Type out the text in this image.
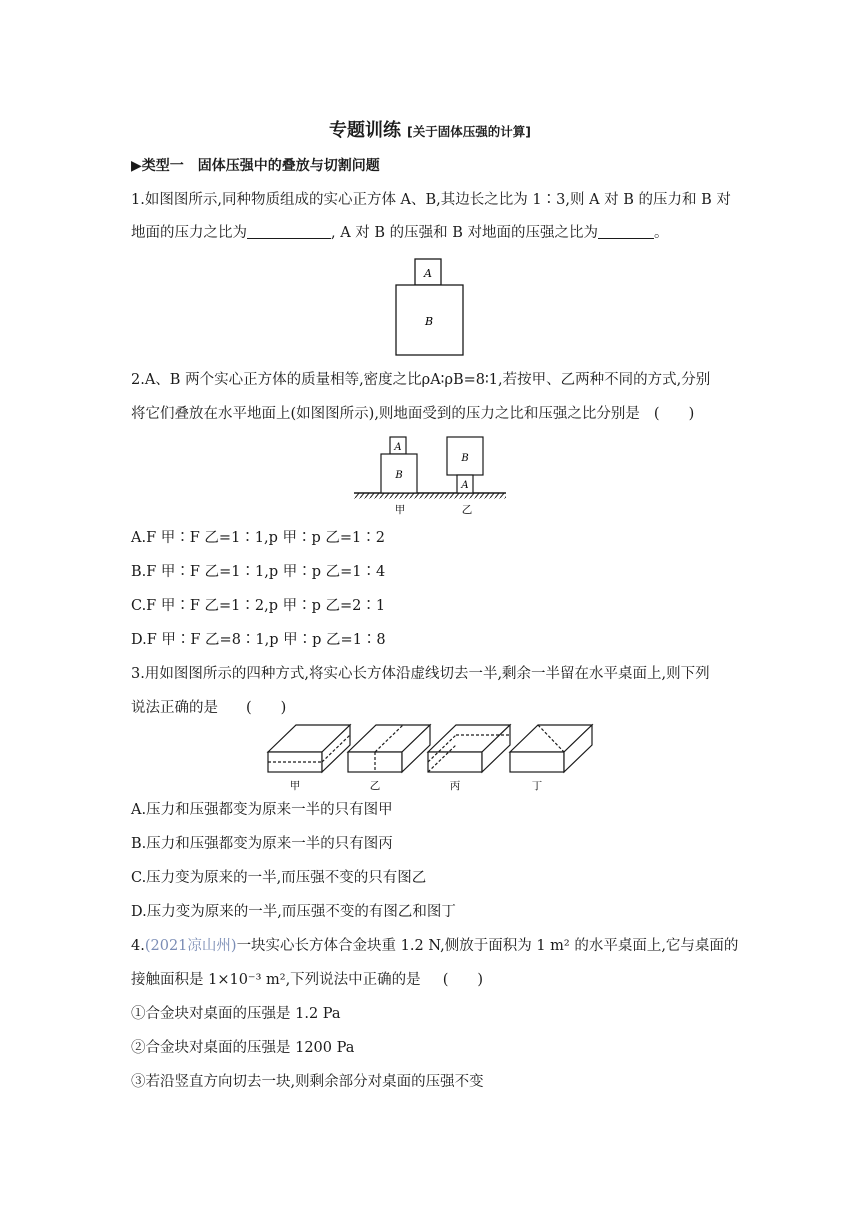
专题训练 [关于固体压强的计算]
▶类型一　固体压强中的叠放与切割问题
1.如图图所示,同种物质组成的实心正方体 A、B,其边长之比为 1∶3,则 A 对 B 的压力和 B 对
地面的压力之比为	, A 对 B 的压强和 B 对地面的压强之比为	。
A
B
2.A、B 两个实心正方体的质量相等,密度之比ρA∶ρB=8∶1,若按甲、乙两种不同的方式,分别
将它们叠放在水平地面上(如图图所示),则地面受到的压力之比和压强之比分别是 (　　)
A
B
B
A
甲	乙
A.F 甲∶F 乙=1∶1,p 甲∶p 乙=1∶2
B.F 甲∶F 乙=1∶1,p 甲∶p 乙=1∶4
C.F 甲∶F 乙=1∶2,p 甲∶p 乙=2∶1
D.F 甲∶F 乙=8∶1,p 甲∶p 乙=1∶8
3.用如图图所示的四种方式,将实心长方体沿虚线切去一半,剩余一半留在水平桌面上,则下列
说法正确的是 (　　)
甲	乙	丙	丁
A.压力和压强都变为原来一半的只有图甲
B.压力和压强都变为原来一半的只有图丙
C.压力变为原来的一半,而压强不变的只有图乙
D.压力变为原来的一半,而压强不变的有图乙和图丁
4.(2021凉山州)一块实心长方体合金块重 1.2 N,侧放于面积为 1 m² 的水平桌面上,它与桌面的
接触面积是 1×10⁻³ m²,下列说法中正确的是 (　　)
①合金块对桌面的压强是 1.2 Pa
②合金块对桌面的压强是 1200 Pa
③若沿竖直方向切去一块,则剩余部分对桌面的压强不变
